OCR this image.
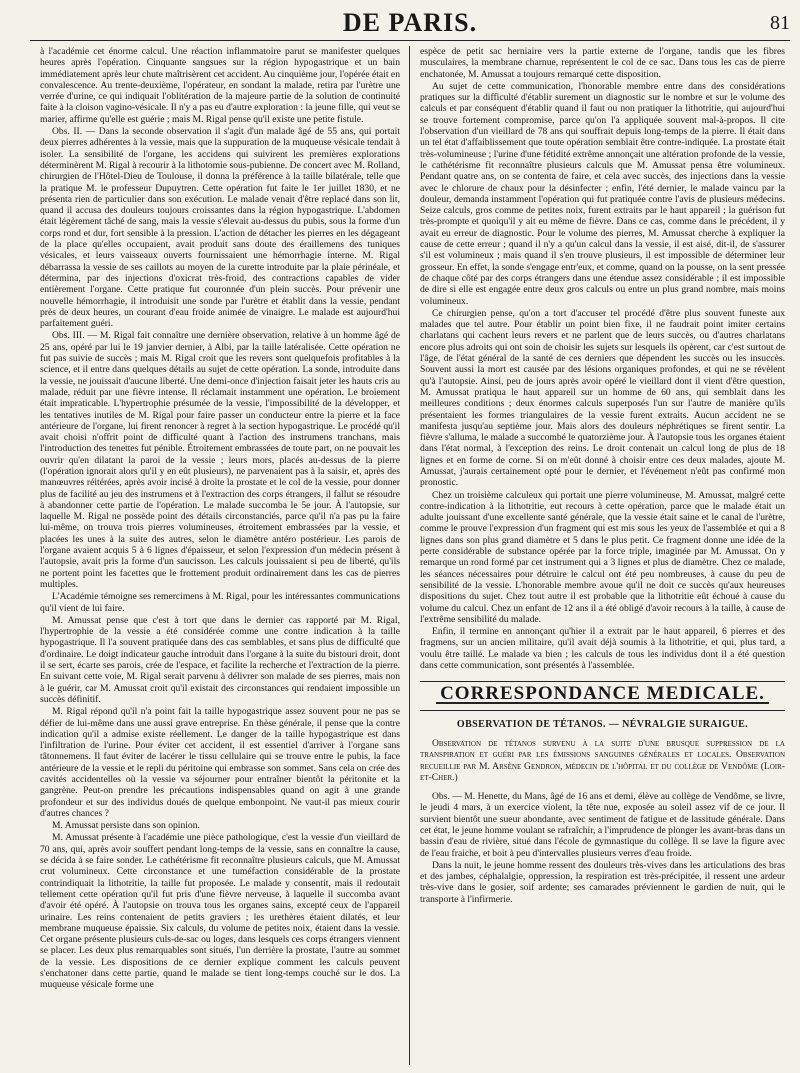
DE PARIS.	81

à l'académie cet énorme calcul. Une réaction inflammatoire parut se manifester quelques heures après l'opération. Cinquante sangsues sur la région hypogastrique et un bain immédiatement après leur chute maîtrisèrent cet accident. Au cinquième jour, l'opérée était en convalescence. Au trente-deuxième, l'opérateur, en sondant la malade, retira par l'urètre une verrée d'urine, ce qui indiquait l'oblitération de la majeure partie de la solution de continuité faite à la cloison vagino-vésicale. Il n'y a pas eu d'autre exploration : la jeune fille, qui veut se marier, affirme qu'elle est guérie ; mais M. Rigal pense qu'il existe une petite fistule.

Obs. II. — Dans la seconde observation il s'agit d'un malade âgé de 55 ans, qui portait deux pierres adhérentes à la vessie, mais que la suppuration de la muqueuse vésicale tendait à isoler. La sensibilité de l'organe, les accidens qui suivirent les premières explorations déterminèrent M. Rigal à recourir à la lithotomie sous-pubienne. De concert avec M. Rolland, chirurgien de l'Hôtel-Dieu de Toulouse, il donna la préférence à la taille bilatérale, telle que la pratique M. le professeur Dupuytren. Cette opération fut faite le 1er juillet 1830, et ne présenta rien de particulier dans son exécution. Le malade venait d'être replacé dans son lit, quand il accusa des douleurs toujours croissantes dans la région hypogastrique. L'abdomen était légèrement tâché de sang, mais la vessie s'élevait au-dessus du pubis, sous la forme d'un corps rond et dur, fort sensible à la pression. L'action de détacher les pierres en les dégageant de la place qu'elles occupaient, avait produit sans doute des éraillemens des tuniques vésicales, et leurs vaisseaux ouverts fournissaient une hémorrhagie interne. M. Rigal débarrassa la vessie de ses caillots au moyen de la curette introduite par la plaie périnéale, et détermina, par des injections d'oxicrat très-froid, des contractions capables de vider entièrement l'organe. Cette pratique fut couronnée d'un plein succès. Pour prévenir une nouvelle hémorrhagie, il introduisit une sonde par l'urètre et établit dans la vessie, pendant près de deux heures, un courant d'eau froide animée de vinaigre. Le malade est aujourd'hui parfaitement guéri.

Obs. III. — M. Rigal fait connaître une dernière observation, relative à un homme âgé de 25 ans, opéré par lui le 19 janvier dernier, à Albi, par la taille latéralisée. Cette opération ne fut pas suivie de succès ; mais M. Rigal croit que les revers sont quelquefois profitables à la science, et il entre dans quelques détails au sujet de cette opération. La sonde, introduite dans la vessie, ne jouissait d'aucune liberté. Une demi-once d'injection faisait jeter les hauts cris au malade, réduit par une fièvre intense. Il réclamait instamment une opération. Le broiement était impraticable. L'hypertrophie présumée de la vessie, l'impossibilité de la développer, et les tentatives inutiles de M. Rigal pour faire passer un conducteur entre la pierre et la face antérieure de l'organe, lui firent renoncer à regret à la section hypogastrique. Le procédé qu'il avait choisi n'offrit point de difficulté quant à l'action des instrumens tranchans, mais l'introduction des tenettes fut pénible. Étroitement embrassées de toute part, on ne pouvait les ouvrir qu'en dilatant la paroi de la vessie ; leurs mors, placés au-dessus de la pierre (l'opération ignorait alors qu'il y en eût plusieurs), ne parvenaient pas à la saisir, et, après des manœuvres réitérées, après avoir incisé à droite la prostate et le col de la vessie, pour donner plus de facilité au jeu des instrumens et à l'extraction des corps étrangers, il fallut se résoudre à abandonner cette partie de l'opération. Le malade succomba le 5e jour. À l'autopsie, sur laquelle M. Rigal ne possède point des détails circonstanciés, parce qu'il n'a pas pu la faire lui-même, on trouva trois pierres volumineuses, étroitement embrassées par la vessie, et placées les unes à la suite des autres, selon le diamètre antéro postérieur. Les parois de l'organe avaient acquis 5 à 6 lignes d'épaisseur, et selon l'expression d'un médecin présent à l'autopsie, avait pris la forme d'un saucisson. Les calculs jouissaient si peu de liberté, qu'ils ne portent point les facettes que le frottement produit ordinairement dans les cas de pierres multiples.

L'Académie témoigne ses remercimens à M. Rigal, pour les intéressantes communications qu'il vient de lui faire.

M. Amussat pense que c'est à tort que dans le dernier cas rapporté par M. Rigal, l'hypertrophie de la vessie a été considérée comme une contre indication à la taille hypogastrique. Il l'a souvent pratiquée dans des cas semblables, et sans plus de difficulté que d'ordinaire. Le doigt indicateur gauche introduit dans l'organe à la suite du bistouri droit, dont il se sert, écarte ses parois, crée de l'espace, et facilite la recherche et l'extraction de la pierre. En suivant cette voie, M. Rigal serait parvenu à délivrer son malade de ses pierres, mais non à le guérir, car M. Amussat croit qu'il existait des circonstances qui rendaient impossible un succès définitif.

M. Rigal répond qu'il n'a point fait la taille hypogastrique assez souvent pour ne pas se défier de lui-même dans une aussi grave entreprise. En thèse générale, il pense que la contre indication qu'il a admise existe réellement. Le danger de la taille hypogastrique est dans l'infiltration de l'urine. Pour éviter cet accident, il est essentiel d'arriver à l'organe sans tâtonnemens. Il faut éviter de lacérer le tissu cellulaire qui se trouve entre le pubis, la face antérieure de la vessie et le repli du péritoine qui embrasse son sommet. Sans cela on crée des cavités accidentelles où la vessie va séjourner pour entraîner bientôt la péritonite et la gangrène. Peut-on prendre les précautions indispensables quand on agit à une grande profondeur et sur des individus doués de quelque embonpoint. Ne vaut-il pas mieux courir d'autres chances ?

M. Amussat persiste dans son opinion.

M. Amussat présente à l'académie une pièce pathologique, c'est la vessie d'un vieillard de 70 ans, qui, après avoir souffert pendant long-temps de la vessie, sans en connaître la cause, se décida à se faire sonder. Le cathétérisme fit reconnaître plusieurs calculs, que M. Amussat crut volumineux. Cette circonstance et une tuméfaction considérable de la prostate contrindiquait la lithotritie, la taille fut proposée. Le malade y consentit, mais il redoutait tellement cette opération qu'il fut pris d'une fièvre nerveuse, à laquelle il succomba avant d'avoir été opéré. À l'autopsie on trouva tous les organes sains, excepté ceux de l'appareil urinaire. Les reins contenaient de petits graviers ; les urethères étaient dilatés, et leur membrane muqueuse épaissie. Six calculs, du volume de petites noix, étaient dans la vessie. Cet organe présente plusieurs culs-de-sac ou loges, dans lesquels ces corps étrangers viennent se placer. Les deux plus remarquables sont situés, l'un derrière la prostate, l'autre au sommet de la vessie. Les dispositions de ce dernier explique comment les calculs peuvent s'enchatoner dans cette partie, quand le malade se tient long-temps couché sur le dos. La muqueuse vésicale forme une

espèce de petit sac herniaire vers la partie externe de l'organe, tandis que les fibres musculaires, la membrane charnue, représentent le col de ce sac. Dans tous les cas de pierre enchatonée, M. Amussat a toujours remarqué cette disposition.

Au sujet de cette communication, l'honorable membre entre dans des considérations pratiques sur la difficulté d'établir surement un diagnostic sur le nombre et sur le volume des calculs et par conséquent d'établir quand il faut ou non pratiquer la lithotritie, qui aujourd'hui se trouve fortement compromise, parce qu'on l'a appliquée souvent mal-à-propos. Il cite l'observation d'un vieillard de 78 ans qui souffrait depuis long-temps de la pierre. Il était dans un tel état d'affaiblissement que toute opération semblait être contre-indiquée. La prostate était très-volumineuse ; l'urine d'une fétidité extrême annonçait une altération profonde de la vessie, le cathétérisme fit reconnaître plusieurs calculs que M. Amussat pensa être volumineux. Pendant quatre ans, on se contenta de faire, et cela avec succès, des injections dans la vessie avec le chlorure de chaux pour la désinfecter ; enfin, l'été dernier, le malade vaincu par la douleur, demanda instamment l'opération qui fut pratiquée contre l'avis de plusieurs médecins. Seize calculs, gros comme de petites noix, furent extraits par le haut appareil ; la guérison fut très-prompte et quoiqu'il y ait eu même de fièvre. Dans ce cas, comme dans le précédent, il y avait eu erreur de diagnostic. Pour le volume des pierres, M. Amussat cherche à expliquer la cause de cette erreur ; quand il n'y a qu'un calcul dans la vessie, il est aisé, dit-il, de s'assurer s'il est volumineux ; mais quand il s'en trouve plusieurs, il est impossible de déterminer leur grosseur. En effet, la sonde s'engage entr'eux, et comme, quand on la pousse, on la sent pressée de chaque côté par des corps étrangers dans une étendue assez considérable ; il est impossible de dire si elle est engagée entre deux gros calculs ou entre un plus grand nombre, mais moins volumineux.

Ce chirurgien pense, qu'on a tort d'accuser tel procédé d'être plus souvent funeste aux malades que tel autre. Pour établir un point bien fixe, il ne faudrait point imiter certains charlatans qui cachent leurs revers et ne parlent que de leurs succès, ou d'autres charlatans encore plus adroits qui ont soin de choisir les sujets sur lesquels ils opèrent, car c'est surtout de l'âge, de l'état général de la santé de ces derniers que dépendent les succès ou les insuccès. Souvent aussi la mort est causée par des lésions organiques profondes, et qui ne se révèlent qu'à l'autopsie. Ainsi, peu de jours après avoir opéré le vieillard dont il vient d'être question, M. Amussat pratiqua le haut appareil sur un homme de 60 ans, qui semblait dans les meilleures conditions ; deux énormes calculs superposés l'un sur l'autre de manière qu'ils présentaient les formes triangulaires de la vessie furent extraits. Aucun accident ne se manifesta jusqu'au septième jour. Mais alors des douleurs néphrétiques se firent sentir. La fièvre s'alluma, le malade a succombé le quatorzième jour. À l'autopsie tous les organes étaient dans l'état normal, à l'exception des reins. Le droit contenait un calcul long de plus de 18 lignes et en forme de corne. Si on m'eût donné à choisir entre ces deux malades, ajoute M. Amussat, j'aurais certainement opté pour le dernier, et l'événement n'eût pas confirmé mon pronostic.

Chez un troisième calculeux qui portait une pierre volumineuse, M. Amussat, malgré cette contre-indication à la lithotritie, eut recours à cette opération, parce que le malade était un adulte jouissant d'une excellente santé générale, que la vessie était saine et le canal de l'urètre, comme le prouve l'expression d'un fragment qui est mis sous les yeux de l'assemblée et qui a 8 lignes dans son plus grand diamètre et 5 dans le plus petit. Ce fragment donne une idée de la perte considérable de substance opérée par la force triple, imaginée par M. Amussat. On y remarque un rond formé par cet instrument qui a 3 lignes et plus de diamètre. Chez ce malade, les séances nécessaires pour détruire le calcul ont été peu nombreuses, à cause du peu de sensibilité de la vessie. L'honorable membre avoue qu'il ne doit ce succès qu'aux heureuses dispositions du sujet. Chez tout autre il est probable que la lithotritie eût échoué à cause du volume du calcul. Chez un enfant de 12 ans il a été obligé d'avoir recours à la taille, à cause de l'extrême sensibilité du malade.

Enfin, il termine en annonçant qu'hier il a extrait par le haut appareil, 6 pierres et des fragmens, sur un ancien militaire, qu'il avait déjà soumis à la lithotritie, et qui, plus tard, a voulu être taillé. Le malade va bien ; les calculs de tous les individus dont il a été question dans cette communication, sont présentés à l'assemblée.

CORRESPONDANCE MEDICALE.
OBSERVATION DE TÉTANOS. — NÉVRALGIE SURAIGUE.
Observation de tétanos survenu à la suite d'une brusque suppression de la transpiration et guéri par les émissions sanguines générales et locales. Observation recueillie par M. Arsène Gendron, médecin de l'hôpital et du collège de Vendôme (Loir-et-Cher.)

Obs. — M. Henette, du Mans, âgé de 16 ans et demi, élève au collège de Vendôme, se livre, le jeudi 4 mars, à un exercice violent, la tête nue, exposée au soleil assez vif de ce jour. Il survient bientôt une sueur abondante, avec sentiment de fatigue et de lassitude générale. Dans cet état, le jeune homme voulant se rafraîchir, a l'imprudence de plonger les avant-bras dans un bassin d'eau de rivière, situé dans l'école de gymnastique du collège. Il se lave la figure avec de l'eau fraiche, et boit à peu d'intervalles plusieurs verres d'eau froide.

Dans la nuit, le jeune homme ressent des douleurs très-vives dans les articulations des bras et des jambes, céphalalgie, oppression, la respiration est très-précipitée, il ressent une ardeur très-vive dans le gosier, soif ardente; ses camarades préviennent le gardien de nuit, qui le transporte à l'infirmerie.
